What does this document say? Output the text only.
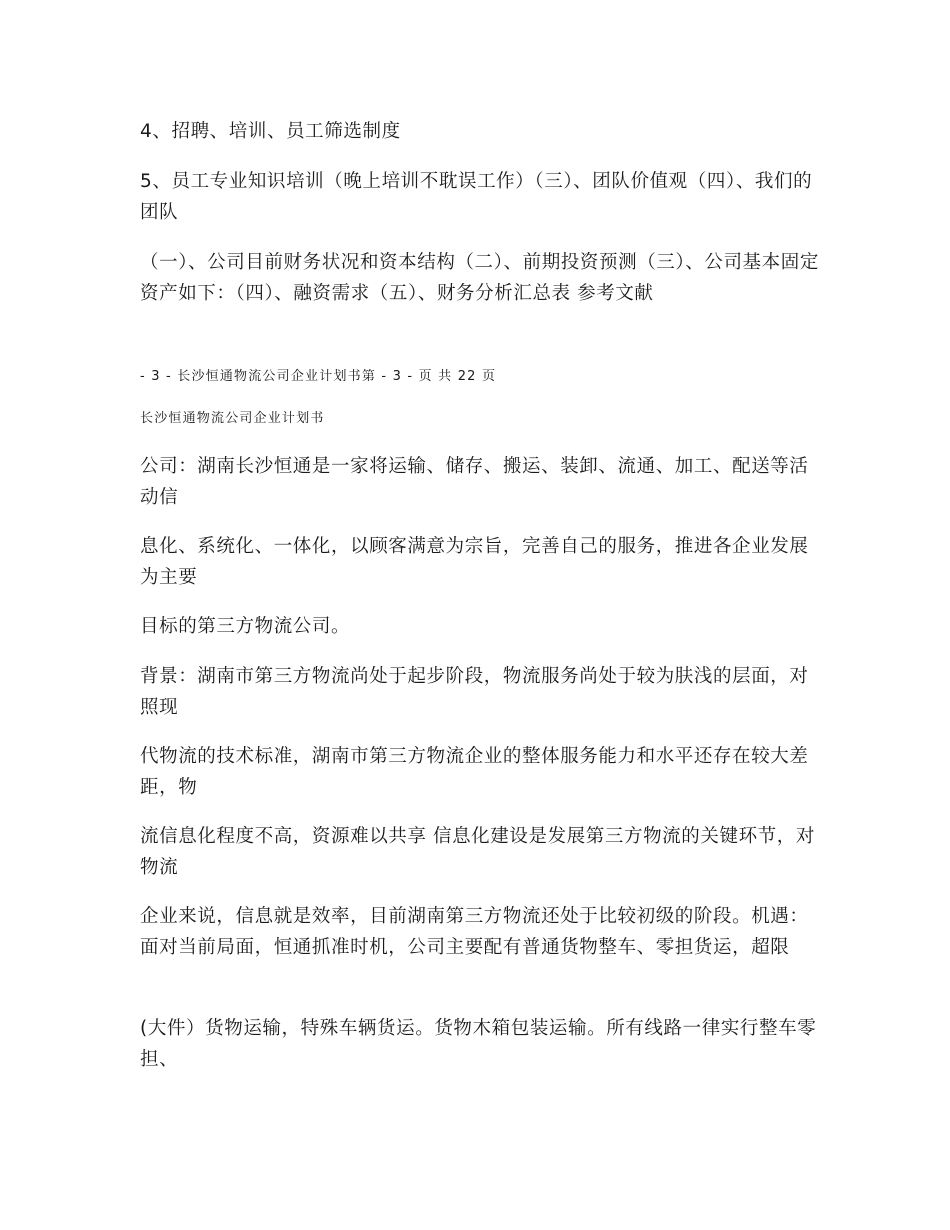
4、招聘、培训、员工筛选制度
5、员工专业知识培训（晚上培训不耽误工作）（三）、团队价值观（四）、我们的团队
（一）、公司目前财务状况和资本结构（二）、前期投资预测（三）、公司基本固定资产如下：（四）、融资需求（五）、财务分析汇总表 参考文献
- 3 - 长沙恒通物流公司企业计划书第 - 3 - 页 共 22 页
长沙恒通物流公司企业计划书
公司：湖南长沙恒通是一家将运输、储存、搬运、装卸、流通、加工、配送等活动信
息化、系统化、一体化，以顾客满意为宗旨，完善自己的服务，推进各企业发展为主要
目标的第三方物流公司。
背景：湖南市第三方物流尚处于起步阶段，物流服务尚处于较为肤浅的层面，对照现
代物流的技术标准，湖南市第三方物流企业的整体服务能力和水平还存在较大差距，物
流信息化程度不高，资源难以共享 信息化建设是发展第三方物流的关键环节，对物流
企业来说，信息就是效率，目前湖南第三方物流还处于比较初级的阶段。机遇：面对当前局面，恒通抓准时机，公司主要配有普通货物整车、零担货运，超限
(大件）货物运输，特殊车辆货运。货物木箱包装运输。所有线路一律实行整车零担、
